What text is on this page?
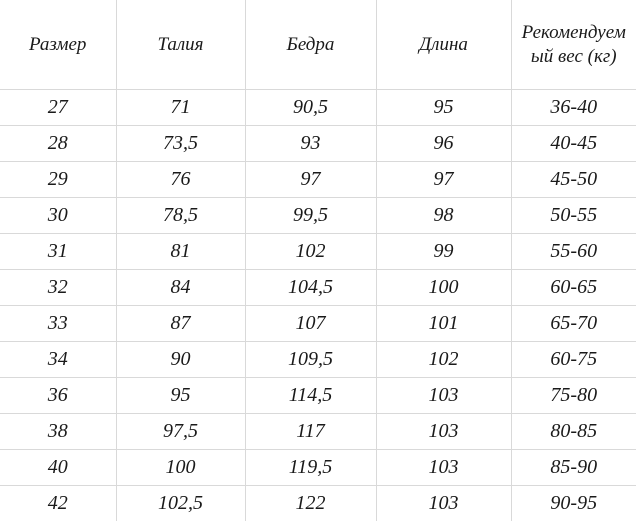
Размер	Талия	Бедра	Длина	Рекомендуемый вес (кг)
27	71	90,5	95	36-40
28	73,5	93	96	40-45
29	76	97	97	45-50
30	78,5	99,5	98	50-55
31	81	102	99	55-60
32	84	104,5	100	60-65
33	87	107	101	65-70
34	90	109,5	102	60-75
36	95	114,5	103	75-80
38	97,5	117	103	80-85
40	100	119,5	103	85-90
42	102,5	122	103	90-95
